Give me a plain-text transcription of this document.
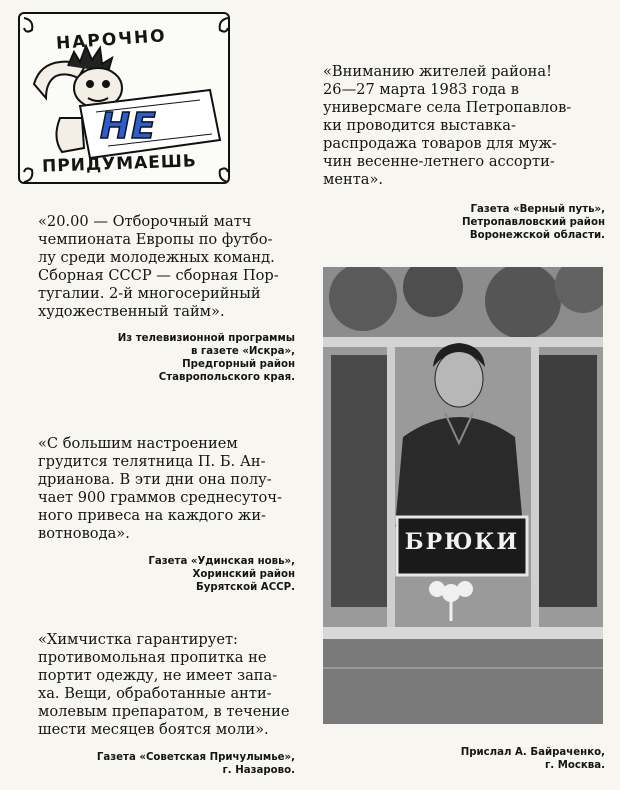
НАРОЧНО
НЕ
ПРИДУМАЕШЬ
«20.00 — Отборочный матч
чемпионата Европы по футбо-
лу среди молодежных команд.
Сборная СССР — сборная Пор-
тугалии. 2-й многосерийный
художественный тайм».
Из телевизионной программы
в газете «Искра»,
Предгорный район
Ставропольского края.
«С большим настроением
грудится телятница П. Б. Ан-
дрианова. В эти дни она полу-
чает 900 граммов среднесуточ-
ного привеса на каждого жи-
вотновода».
Газета «Удинская новь»,
Хоринский район
Бурятской АССР.
«Химчистка гарантирует:
противомольная пропитка не
портит одежду, не имеет запа-
ха. Вещи, обработанные анти-
молевым препаратом, в течение
шести месяцев боятся моли».
Газета «Советская Причулымье»,
г. Назарово.
«Вниманию жителей района!
26—27 марта 1983 года в
универсмаге села Петропавлов-
ки проводится выставка-
распродажа товаров для муж-
чин весенне-летнего ассорти-
мента».
Газета «Верный путь»,
Петропавловский район
Воронежской области.
БРЮКИ
Прислал А. Байраченко,
г. Москва.
